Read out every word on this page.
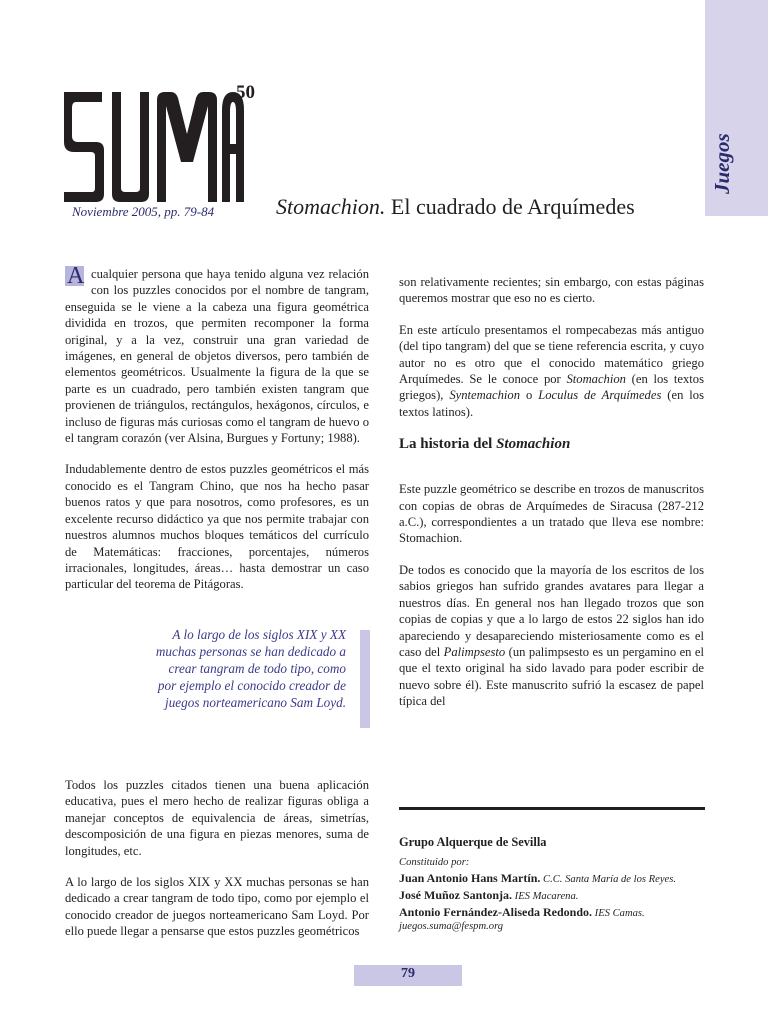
Juegos
50
Noviembre 2005, pp. 79-84	Stomachion. El cuadrado de Arquímedes

A cualquier persona que haya tenido alguna vez relación con los puzzles conocidos por el nombre de tangram, enseguida se le viene a la cabeza una figura geométrica dividida en trozos, que permiten recomponer la forma original, y a la vez, construir una gran variedad de imágenes, en general de objetos diversos, pero también de elementos geométricos. Usualmente la figura de la que se parte es un cuadrado, pero también existen tangram que provienen de triángulos, rectángulos, hexágonos, círculos, e incluso de figuras más curiosas como el tangram de huevo o el tangram corazón (ver Alsina, Burgues y Fortuny; 1988).

Indudablemente dentro de estos puzzles geométricos el más conocido es el Tangram Chino, que nos ha hecho pasar buenos ratos y que para nosotros, como profesores, es un excelente recurso didáctico ya que nos permite trabajar con nuestros alumnos muchos bloques temáticos del currículo de Matemáticas: fracciones, porcentajes, números irracionales, longitudes, áreas… hasta demostrar un caso particular del teorema de Pitágoras.

A lo largo de los siglos XIX y XX muchas personas se han dedicado a crear tangram de todo tipo, como por ejemplo el conocido creador de juegos norteamericano Sam Loyd.

Todos los puzzles citados tienen una buena aplicación educativa, pues el mero hecho de realizar figuras obliga a manejar conceptos de equivalencia de áreas, simetrías, descomposición de una figura en piezas menores, suma de longitudes, etc.

A lo largo de los siglos XIX y XX muchas personas se han dedicado a crear tangram de todo tipo, como por ejemplo el conocido creador de juegos norteamericano Sam Loyd. Por ello puede llegar a pensarse que estos puzzles geométricos

son relativamente recientes; sin embargo, con estas páginas queremos mostrar que eso no es cierto.

En este artículo presentamos el rompecabezas más antiguo (del tipo tangram) del que se tiene referencia escrita, y cuyo autor no es otro que el conocido matemático griego Arquímedes. Se le conoce por Stomachion (en los textos griegos), Syntemachion o Loculus de Arquímedes (en los textos latinos).

Este puzzle geométrico se describe en trozos de manuscritos con copias de obras de Arquímedes de Siracusa (287-212 a.C.), correspondientes a un tratado que lleva ese nombre: Stomachion.

De todos es conocido que la mayoría de los escritos de los sabios griegos han sufrido grandes avatares para llegar a nuestros días. En general nos han llegado trozos que son copias de copias y que a lo largo de estos 22 siglos han ido apareciendo y desapareciendo misteriosamente como es el caso del Palimpsesto (un palimpsesto es un pergamino en el que el texto original ha sido lavado para poder escribir de nuevo sobre él). Este manuscrito sufrió la escasez de papel típica del

La historia del Stomachion
Grupo Alquerque de Sevilla
Constituido por:
Juan Antonio Hans Martín. C.C. Santa María de los Reyes.
José Muñoz Santonja. IES Macarena.
Antonio Fernández-Aliseda Redondo. IES Camas.
juegos.suma@fespm.org
79
